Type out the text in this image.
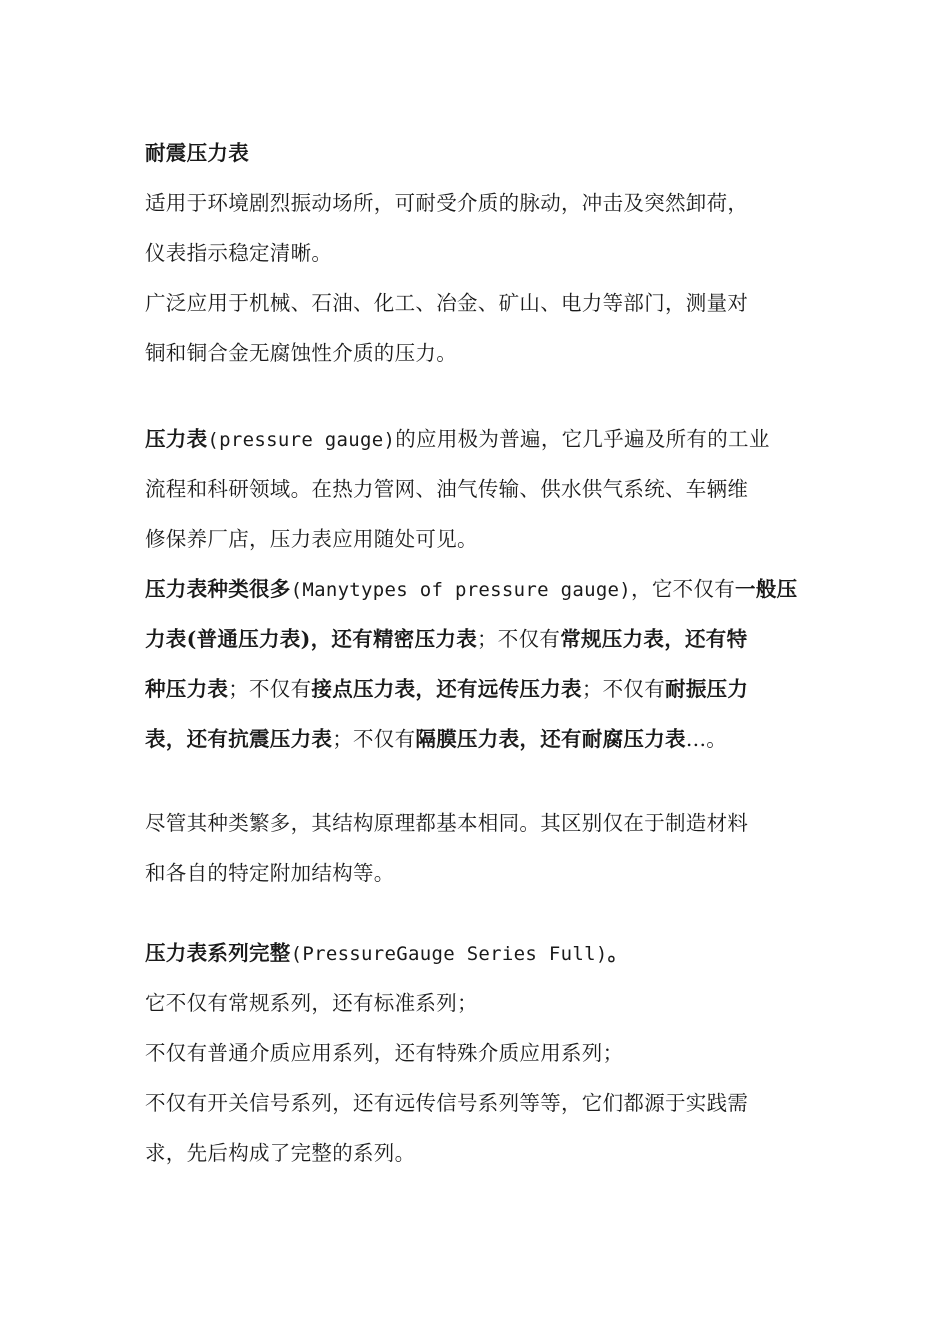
耐震压力表
适用于环境剧烈振动场所，可耐受介质的脉动，冲击及突然卸荷，
仪表指示稳定清晰。
广泛应用于机械、石油、化工、冶金、矿山、电力等部门，测量对
铜和铜合金无腐蚀性介质的压力。
压力表(pressure gauge)的应用极为普遍，它几乎遍及所有的工业
流程和科研领域。在热力管网、油气传输、供水供气系统、车辆维
修保养厂店，压力表应用随处可见。
压力表种类很多(Manytypes of pressure gauge)，它不仅有一般压
力表(普通压力表)，还有精密压力表；不仅有常规压力表，还有特
种压力表；不仅有接点压力表，还有远传压力表；不仅有耐振压力
表，还有抗震压力表；不仅有隔膜压力表，还有耐腐压力表...。
尽管其种类繁多，其结构原理都基本相同。其区别仅在于制造材料
和各自的特定附加结构等。
压力表系列完整(PressureGauge Series Full)。
它不仅有常规系列，还有标准系列；
不仅有普通介质应用系列，还有特殊介质应用系列；
不仅有开关信号系列，还有远传信号系列等等，它们都源于实践需
求，先后构成了完整的系列。
